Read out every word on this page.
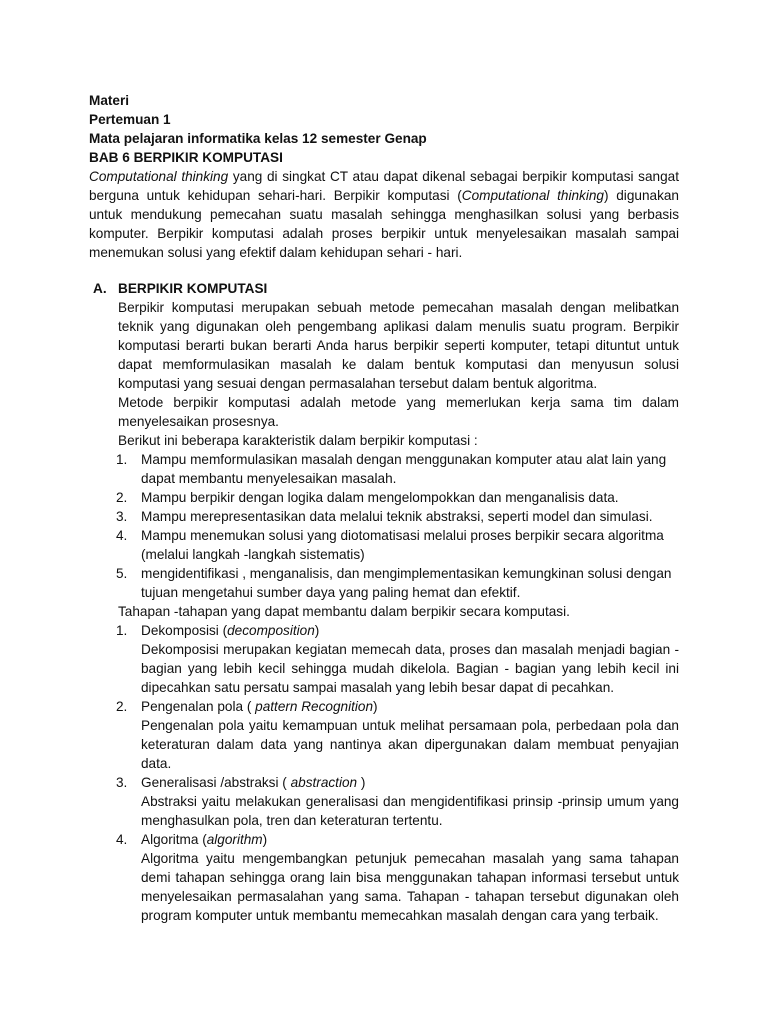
Materi

Pertemuan 1

Mata pelajaran informatika kelas 12 semester Genap

BAB 6 BERPIKIR KOMPUTASI

Computational thinking yang di singkat CT atau dapat dikenal sebagai berpikir komputasi sangat berguna untuk kehidupan sehari-hari. Berpikir komputasi (Computational thinking) digunakan untuk mendukung pemecahan suatu masalah sehingga menghasilkan solusi yang berbasis komputer. Berpikir komputasi adalah proses berpikir untuk menyelesaikan masalah sampai menemukan solusi yang efektif dalam kehidupan sehari - hari.

A. BERPIKIR KOMPUTASI

Berpikir komputasi merupakan sebuah metode pemecahan masalah dengan melibatkan teknik yang digunakan oleh pengembang aplikasi dalam menulis suatu program. Berpikir komputasi berarti bukan berarti Anda harus berpikir seperti komputer, tetapi dituntut untuk dapat memformulasikan masalah ke dalam bentuk komputasi dan menyusun solusi komputasi yang sesuai dengan permasalahan tersebut dalam bentuk algoritma.

Metode berpikir komputasi adalah metode yang memerlukan kerja sama tim dalam menyelesaikan prosesnya.

Berikut ini beberapa karakteristik dalam berpikir komputasi :

1. Mampu memformulasikan masalah dengan menggunakan komputer atau alat lain yang dapat membantu menyelesaikan masalah.
2. Mampu berpikir dengan logika dalam mengelompokkan dan menganalisis data.
3. Mampu merepresentasikan data melalui teknik abstraksi, seperti model dan simulasi.
4. Mampu menemukan solusi yang diotomatisasi melalui proses berpikir secara algoritma (melalui langkah -langkah sistematis)
5. mengidentifikasi , menganalisis, dan mengimplementasikan kemungkinan solusi dengan tujuan mengetahui sumber daya yang paling hemat dan efektif.

Tahapan -tahapan yang dapat membantu dalam berpikir secara komputasi.

1. Dekomposisi (decomposition)

Dekomposisi merupakan kegiatan memecah data, proses dan masalah menjadi bagian - bagian yang lebih kecil sehingga mudah dikelola. Bagian - bagian yang lebih kecil ini dipecahkan satu persatu sampai masalah yang lebih besar dapat di pecahkan.

2. Pengenalan pola ( pattern Recognition)

Pengenalan pola yaitu kemampuan untuk melihat persamaan pola, perbedaan pola dan keteraturan dalam data yang nantinya akan dipergunakan dalam membuat penyajian data.

3. Generalisasi /abstraksi ( abstraction )

Abstraksi yaitu melakukan generalisasi dan mengidentifikasi prinsip -prinsip umum yang menghasulkan pola, tren dan keteraturan tertentu.

4. Algoritma (algorithm)

Algoritma yaitu mengembangkan petunjuk pemecahan masalah yang sama tahapan demi tahapan sehingga orang lain bisa menggunakan tahapan informasi tersebut untuk menyelesaikan permasalahan yang sama. Tahapan - tahapan tersebut digunakan oleh program komputer untuk membantu memecahkan masalah dengan cara yang terbaik.
